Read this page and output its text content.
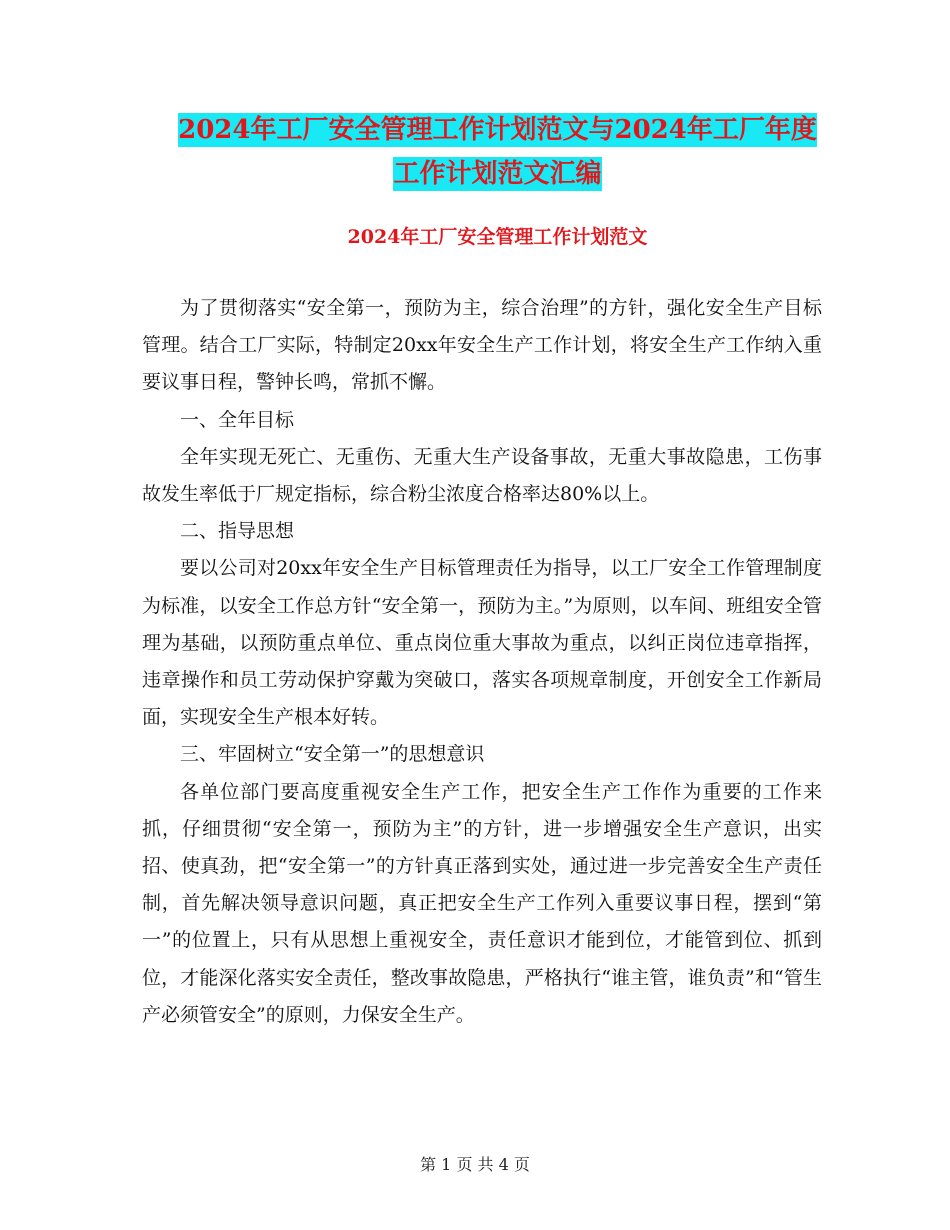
2024年工厂安全管理工作计划范文与2024年工厂年度
工作计划范文汇编
2024年工厂安全管理工作计划范文

为了贯彻落实“安全第一，预防为主，综合治理”的方针，强化安全生产目标管理。结合工厂实际，特制定20xx年安全生产工作计划，将安全生产工作纳入重要议事日程，警钟长鸣，常抓不懈。

一、全年目标

全年实现无死亡、无重伤、无重大生产设备事故，无重大事故隐患，工伤事故发生率低于厂规定指标，综合粉尘浓度合格率达80%以上。

二、指导思想

要以公司对20xx年安全生产目标管理责任为指导，以工厂安全工作管理制度为标准，以安全工作总方针“安全第一，预防为主。”为原则，以车间、班组安全管理为基础，以预防重点单位、重点岗位重大事故为重点，以纠正岗位违章指挥，违章操作和员工劳动保护穿戴为突破口，落实各项规章制度，开创安全工作新局面，实现安全生产根本好转。

三、牢固树立“安全第一”的思想意识

各单位部门要高度重视安全生产工作，把安全生产工作作为重要的工作来抓，仔细贯彻“安全第一，预防为主”的方针，进一步增强安全生产意识，出实招、使真劲，把“安全第一”的方针真正落到实处，通过进一步完善安全生产责任制，首先解决领导意识问题，真正把安全生产工作列入重要议事日程，摆到“第一”的位置上，只有从思想上重视安全，责任意识才能到位，才能管到位、抓到位，才能深化落实安全责任，整改事故隐患，严格执行“谁主管，谁负责”和“管生产必须管安全”的原则，力保安全生产。

第 1 页 共 4 页
